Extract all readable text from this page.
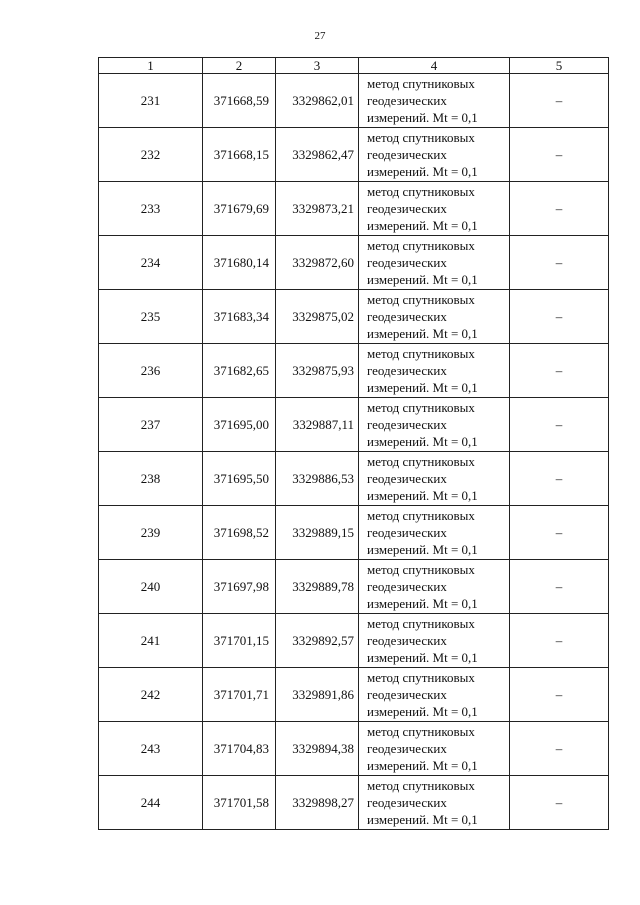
27
1	2	3	4	5
231	371668,59	3329862,01	метод спутниковых
геодезических
измерений. Mt = 0,1	–
232	371668,15	3329862,47	метод спутниковых
геодезических
измерений. Mt = 0,1	–
233	371679,69	3329873,21	метод спутниковых
геодезических
измерений. Mt = 0,1	–
234	371680,14	3329872,60	метод спутниковых
геодезических
измерений. Mt = 0,1	–
235	371683,34	3329875,02	метод спутниковых
геодезических
измерений. Mt = 0,1	–
236	371682,65	3329875,93	метод спутниковых
геодезических
измерений. Mt = 0,1	–
237	371695,00	3329887,11	метод спутниковых
геодезических
измерений. Mt = 0,1	–
238	371695,50	3329886,53	метод спутниковых
геодезических
измерений. Mt = 0,1	–
239	371698,52	3329889,15	метод спутниковых
геодезических
измерений. Mt = 0,1	–
240	371697,98	3329889,78	метод спутниковых
геодезических
измерений. Mt = 0,1	–
241	371701,15	3329892,57	метод спутниковых
геодезических
измерений. Mt = 0,1	–
242	371701,71	3329891,86	метод спутниковых
геодезических
измерений. Mt = 0,1	–
243	371704,83	3329894,38	метод спутниковых
геодезических
измерений. Mt = 0,1	–
244	371701,58	3329898,27	метод спутниковых
геодезических
измерений. Mt = 0,1	–
